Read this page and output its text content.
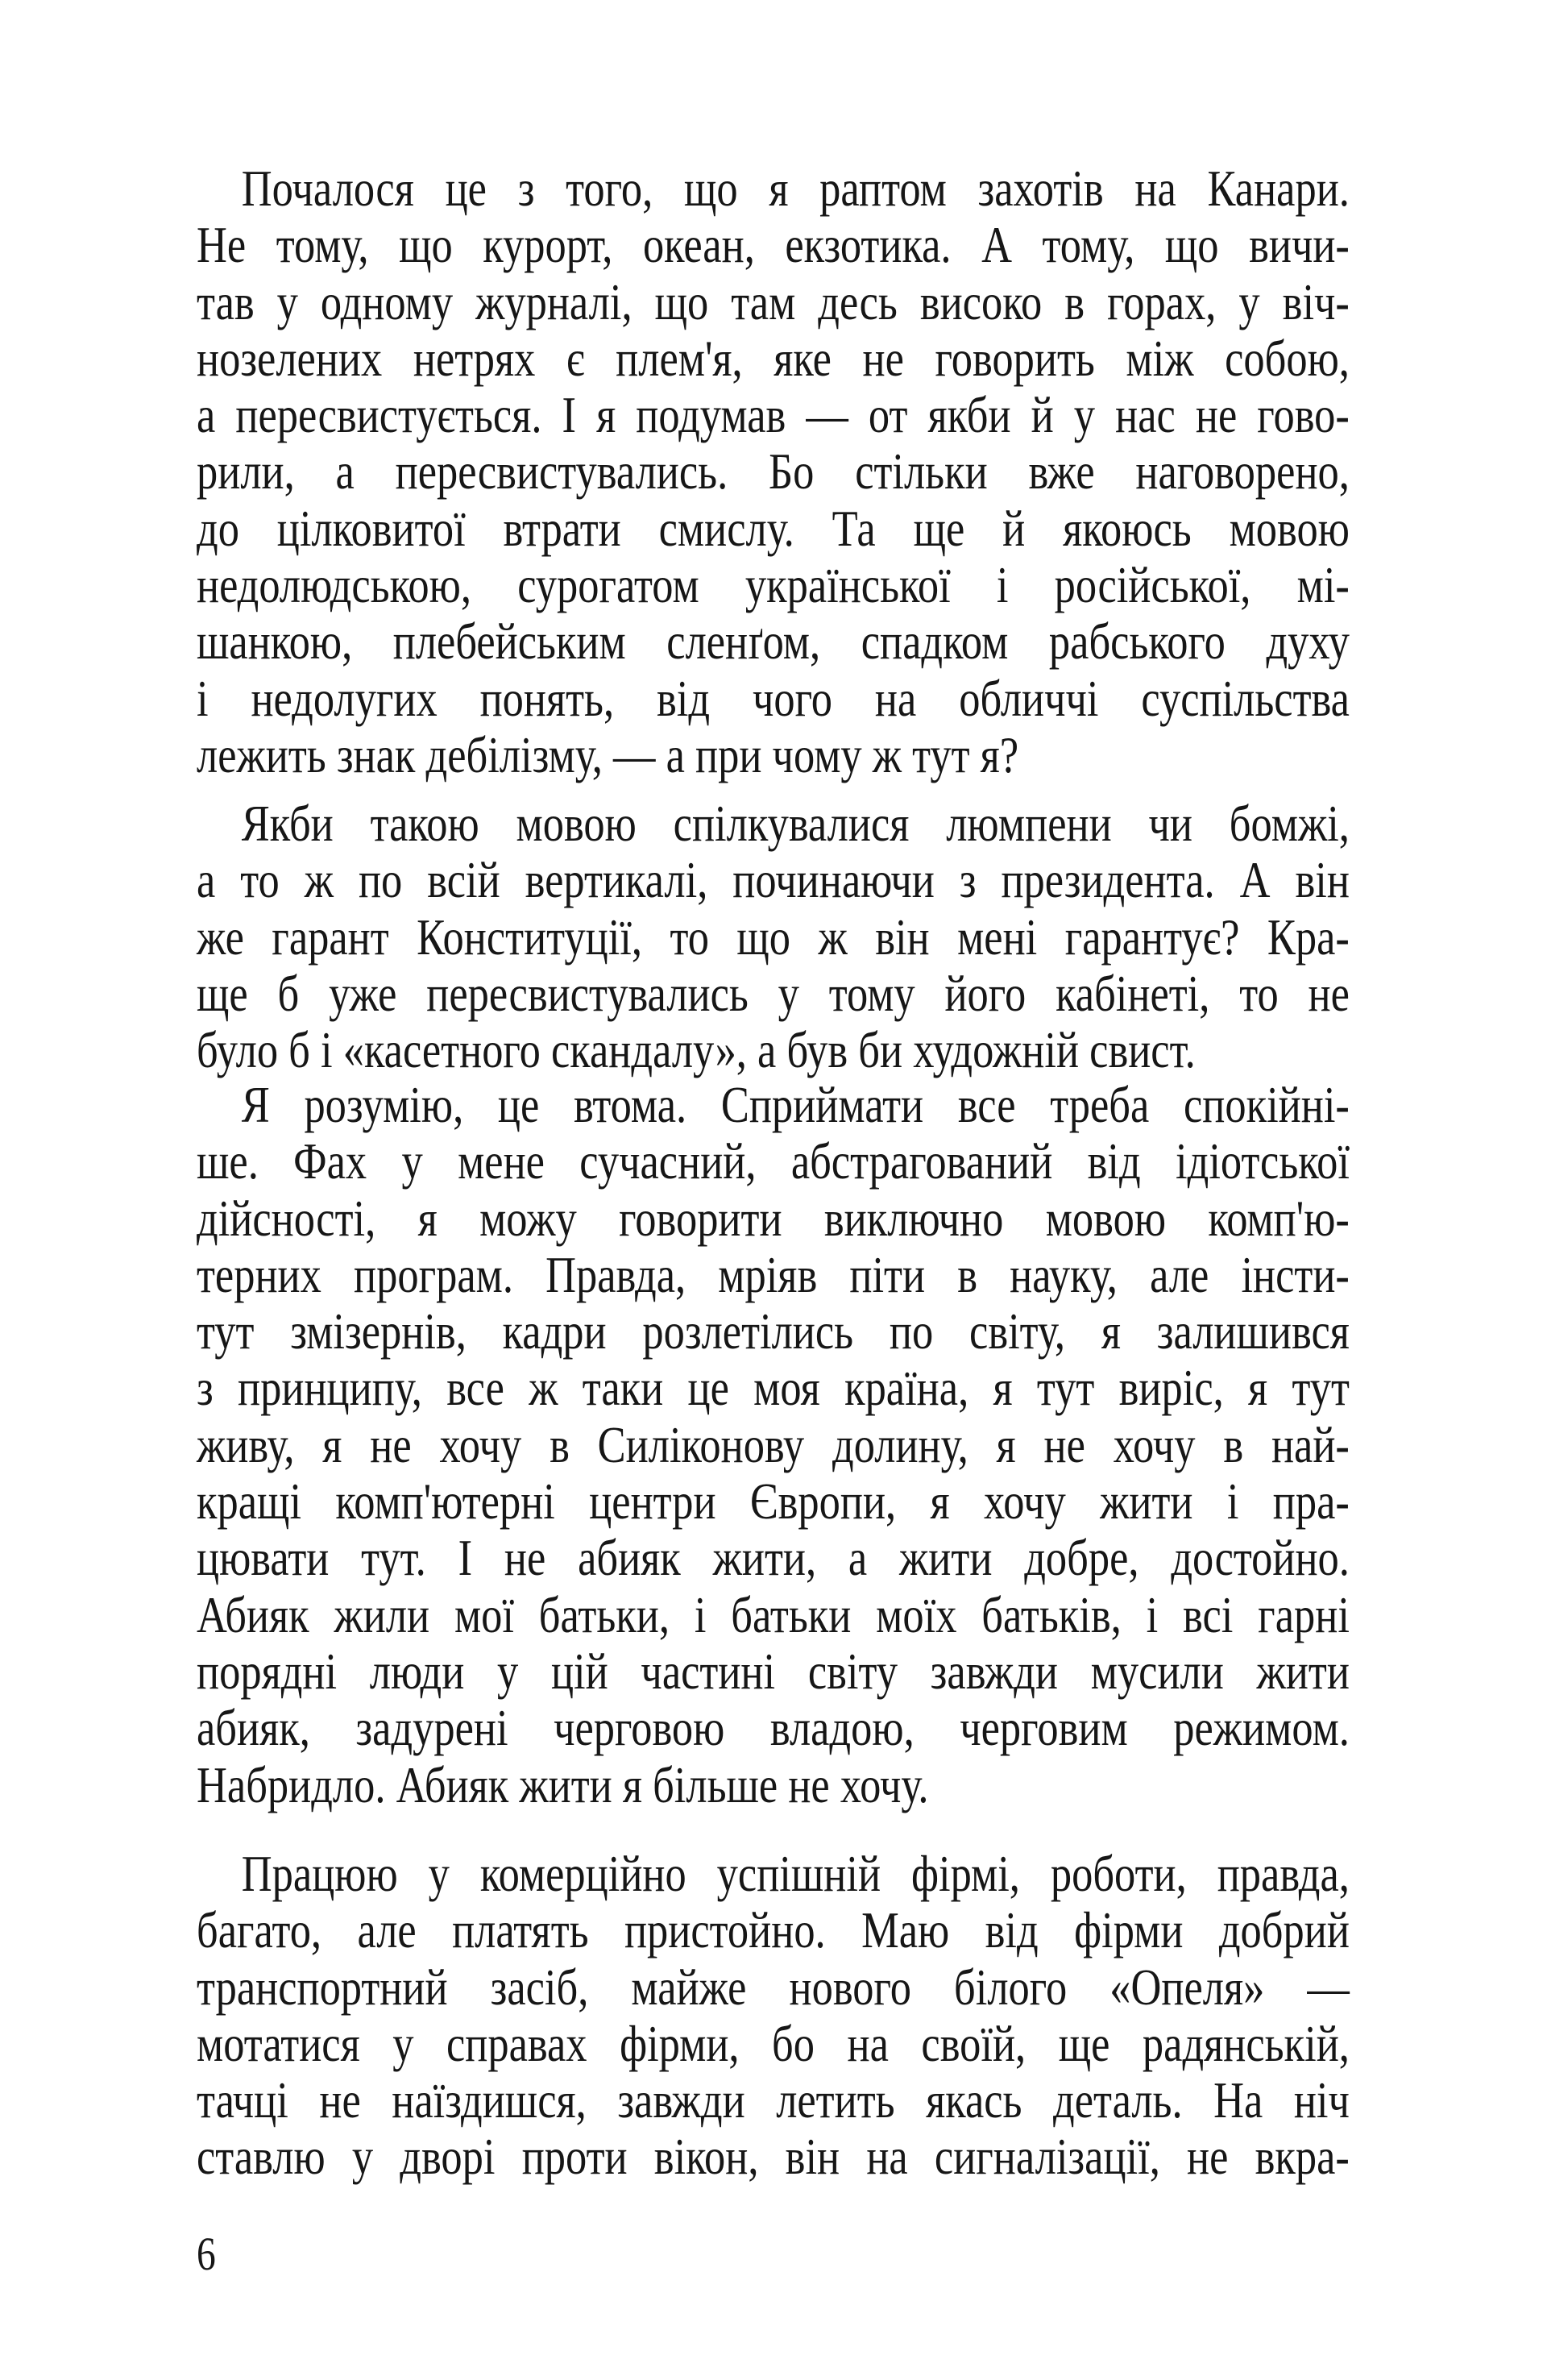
Почалося це з того, що я раптом захотів на Канари.
Не тому, що курорт, океан, екзотика. А тому, що вичи-
тав у одному журналі, що там десь високо в горах, у віч-
нозелених нетрях є плем'я, яке не говорить між собою,
а пересвистується. І я подумав — от якби й у нас не гово-
рили, а пересвистувались. Бо стільки вже наговорено,
до цілковитої втрати смислу. Та ще й якоюсь мовою
недолюдською, сурогатом української і російської, мі-
шанкою, плебейським сленґом, спадком рабського духу
і недолугих понять, від чого на обличчі суспільства
лежить знак дебілізму, — а при чому ж тут я?
Якби такою мовою спілкувалися люмпени чи бомжі,
а то ж по всій вертикалі, починаючи з президента. А він
же гарант Конституції, то що ж він мені гарантує? Кра-
ще б уже пересвистувались у тому його кабінеті, то не
було б і «касетного скандалу», а був би художній свист.
Я розумію, це втома. Сприймати все треба спокійні-
ше. Фах у мене сучасний, абстрагований від ідіотської
дійсності, я можу говорити виключно мовою комп'ю-
терних програм. Правда, мріяв піти в науку, але інсти-
тут змізернів, кадри розлетілись по світу, я залишився
з принципу, все ж таки це моя країна, я тут виріс, я тут
живу, я не хочу в Силіконову долину, я не хочу в най-
кращі комп'ютерні центри Європи, я хочу жити і пра-
цювати тут. І не абияк жити, а жити добре, достойно.
Абияк жили мої батьки, і батьки моїх батьків, і всі гарні
порядні люди у цій частині світу завжди мусили жити
абияк, задурені черговою владою, черговим режимом.
Набридло. Абияк жити я більше не хочу.
Працюю у комерційно успішній фірмі, роботи, правда,
багато, але платять пристойно. Маю від фірми добрий
транспортний засіб, майже нового білого «Опеля» —
мотатися у справах фірми, бо на своїй, ще радянській,
тачці не наїздишся, завжди летить якась деталь. На ніч
ставлю у дворі проти вікон, він на сигналізації, не вкра-
6
